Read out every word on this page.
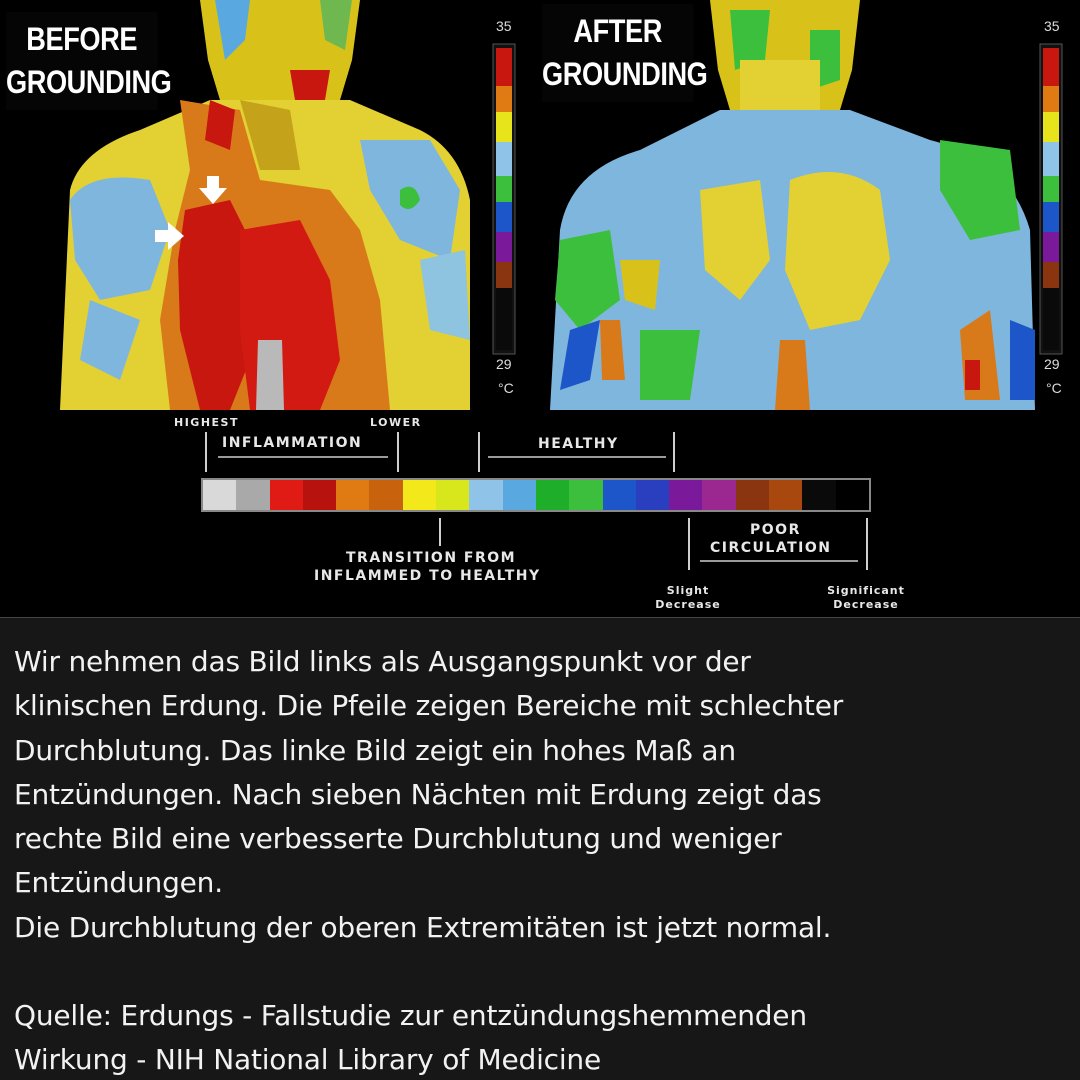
BEFORE
GROUNDING
35
29
°C
35
29
°C
AFTER
GROUNDING
HIGHEST	LOWER
INFLAMMATION	HEALTHY
TRANSITION FROM
INFLAMMED TO HEALTHY
POOR
CIRCULATION
Slight
Decrease
Significant
Decrease

Wir nehmen das Bild links als Ausgangspunkt vor der

klinischen Erdung. Die Pfeile zeigen Bereiche mit schlechter

Durchblutung. Das linke Bild zeigt ein hohes Maß an

Entzündungen. Nach sieben Nächten mit Erdung zeigt das

rechte Bild eine verbesserte Durchblutung und weniger

Entzündungen.

Die Durchblutung der oberen Extremitäten ist jetzt normal.

Quelle: Erdungs - Fallstudie zur entzündungshemmenden

Wirkung - NIH National Library of Medicine
